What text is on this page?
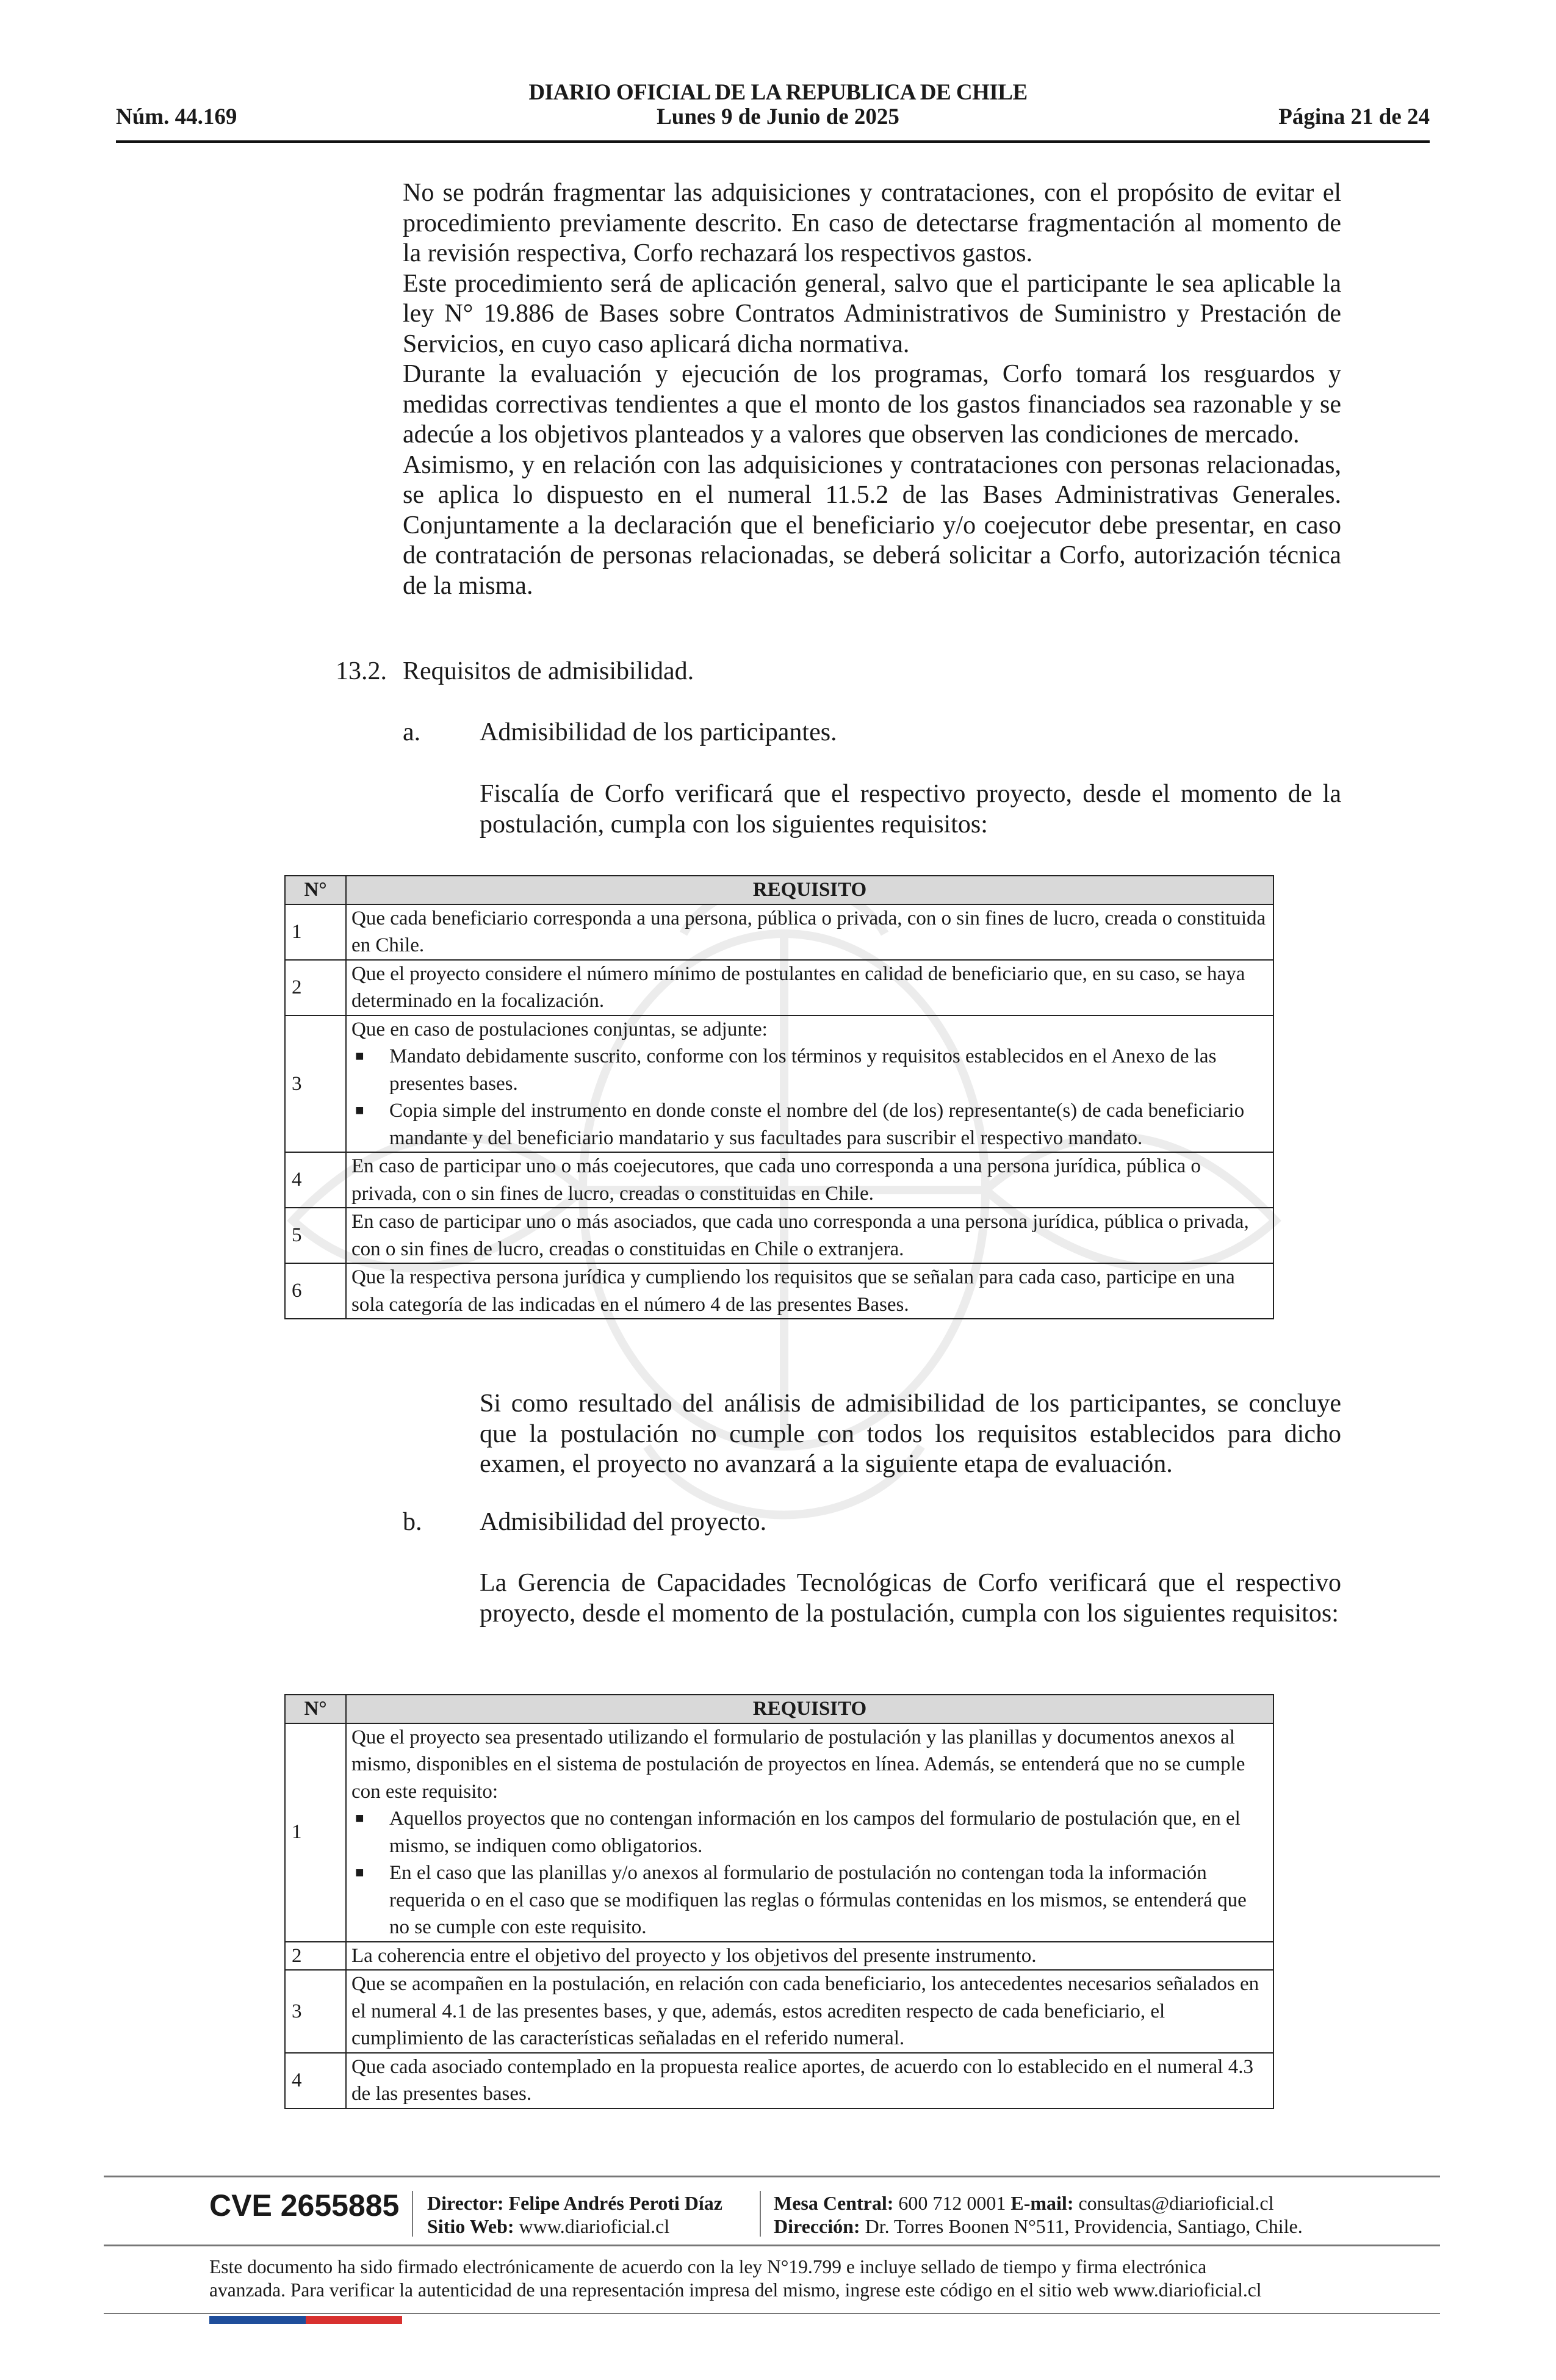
DIARIO OFICIAL DE LA REPUBLICA DE CHILE
Núm. 44.169	Lunes 9 de Junio de 2025	Página 21 de 24

No se podrán fragmentar las adquisiciones y contrataciones, con el propósito de evitar el procedimiento previamente descrito. En caso de detectarse fragmentación al momento de la revisión respectiva, Corfo rechazará los respectivos gastos.

Este procedimiento será de aplicación general, salvo que el participante le sea aplicable la ley N° 19.886 de Bases sobre Contratos Administrativos de Suministro y Prestación de Servicios, en cuyo caso aplicará dicha normativa.

Durante la evaluación y ejecución de los programas, Corfo tomará los resguardos y medidas correctivas tendientes a que el monto de los gastos financiados sea razonable y se adecúe a los objetivos planteados y a valores que observen las condiciones de mercado.

Asimismo, y en relación con las adquisiciones y contrataciones con personas relacionadas, se aplica lo dispuesto en el numeral 11.5.2 de las Bases Administrativas Generales. Conjuntamente a la declaración que el beneficiario y/o coejecutor debe presentar, en caso de contratación de personas relacionadas, se deberá solicitar a Corfo, autorización técnica de la misma.

13.2. Requisitos de admisibilidad.
a. Admisibilidad de los participantes.

Fiscalía de Corfo verificará que el respectivo proyecto, desde el momento de la postulación, cumpla con los siguientes requisitos:

N°	REQUISITO
1	Que cada beneficiario corresponda a una persona, pública o privada, con o sin fines de lucro, creada o constituida en Chile.
2	Que el proyecto considere el número mínimo de postulantes en calidad de beneficiario que, en su caso, se haya determinado en la focalización.
3	Que en caso de postulaciones conjuntas, se adjunte:
■ Mandato debidamente suscrito, conforme con los términos y requisitos establecidos en el Anexo de las presentes bases.
■ Copia simple del instrumento en donde conste el nombre del (de los) representante(s) de cada beneficiario mandante y del beneficiario mandatario y sus facultades para suscribir el respectivo mandato.

4	En caso de participar uno o más coejecutores, que cada uno corresponda a una persona jurídica, pública o privada, con o sin fines de lucro, creadas o constituidas en Chile.
5	En caso de participar uno o más asociados, que cada uno corresponda a una persona jurídica, pública o privada, con o sin fines de lucro, creadas o constituidas en Chile o extranjera.
6	Que la respectiva persona jurídica y cumpliendo los requisitos que se señalan para cada caso, participe en una sola categoría de las indicadas en el número 4 de las presentes Bases.

Si como resultado del análisis de admisibilidad de los participantes, se concluye que la postulación no cumple con todos los requisitos establecidos para dicho examen, el proyecto no avanzará a la siguiente etapa de evaluación.

b. Admisibilidad del proyecto.

La Gerencia de Capacidades Tecnológicas de Corfo verificará que el respectivo proyecto, desde el momento de la postulación, cumpla con los siguientes requisitos:

N°	REQUISITO
1	Que el proyecto sea presentado utilizando el formulario de postulación y las planillas y documentos anexos al mismo, disponibles en el sistema de postulación de proyectos en línea. Además, se entenderá que no se cumple con este requisito:
■ Aquellos proyectos que no contengan información en los campos del formulario de postulación que, en el mismo, se indiquen como obligatorios.
■ En el caso que las planillas y/o anexos al formulario de postulación no contengan toda la información requerida o en el caso que se modifiquen las reglas o fórmulas contenidas en los mismos, se entenderá que no se cumple con este requisito.

2	La coherencia entre el objetivo del proyecto y los objetivos del presente instrumento.
3	Que se acompañen en la postulación, en relación con cada beneficiario, los antecedentes necesarios señalados en el numeral 4.1 de las presentes bases, y que, además, estos acrediten respecto de cada beneficiario, el cumplimiento de las características señaladas en el referido numeral.
4	Que cada asociado contemplado en la propuesta realice aportes, de acuerdo con lo establecido en el numeral 4.3 de las presentes bases.
CVE 2655885 Director: Felipe Andrés Peroti Díaz
Sitio Web: www.diarioficial.cl
Mesa Central: 600 712 0001 E-mail: consultas@diarioficial.cl
Dirección: Dr. Torres Boonen N°511, Providencia, Santiago, Chile.
Este documento ha sido firmado electrónicamente de acuerdo con la ley N°19.799 e incluye sellado de tiempo y firma electrónica
avanzada. Para verificar la autenticidad de una representación impresa del mismo, ingrese este código en el sitio web www.diarioficial.cl
